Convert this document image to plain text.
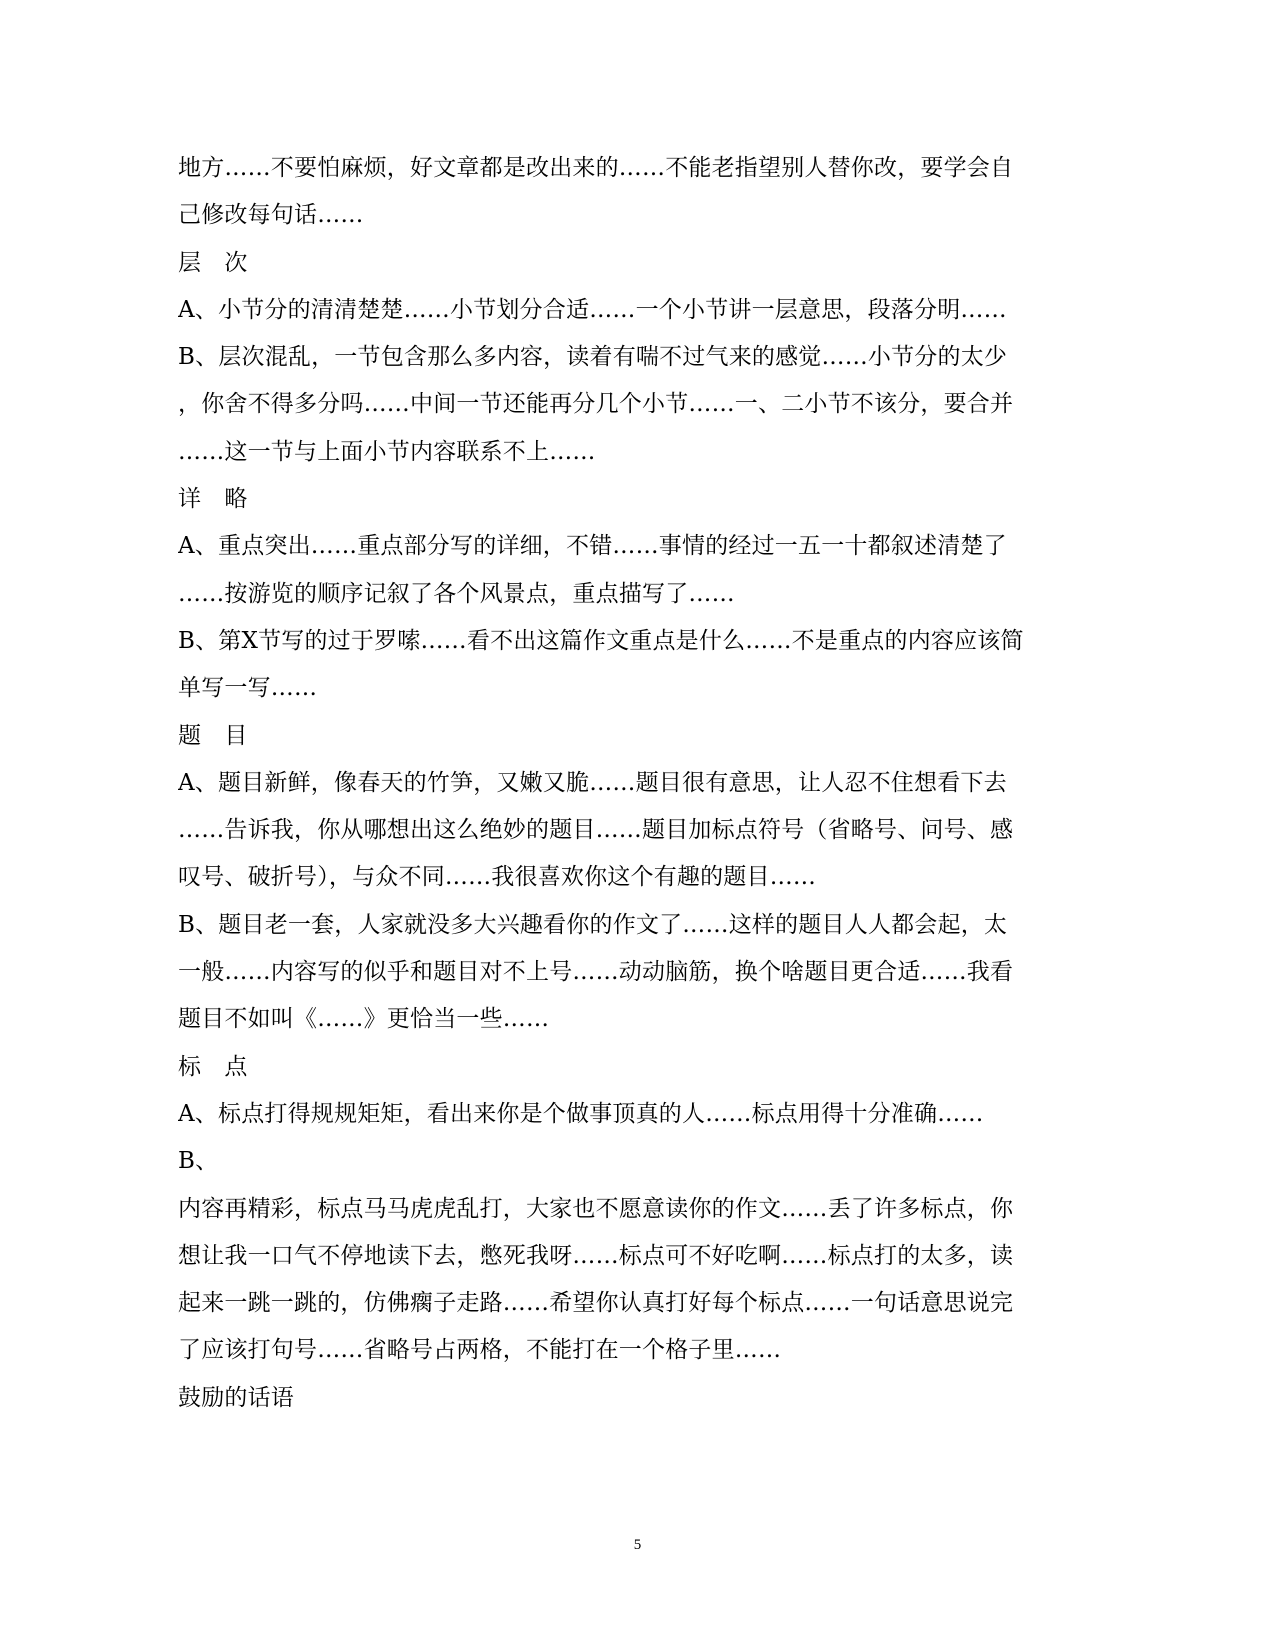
地方……不要怕麻烦，好文章都是改出来的……不能老指望别人替你改，要学会自
己修改每句话……
层　次
A、小节分的清清楚楚……小节划分合适……一个小节讲一层意思，段落分明……
B、层次混乱，一节包含那么多内容，读着有喘不过气来的感觉……小节分的太少
，你舍不得多分吗……中间一节还能再分几个小节……一、二小节不该分，要合并
……这一节与上面小节内容联系不上……
详　略
A、重点突出……重点部分写的详细，不错……事情的经过一五一十都叙述清楚了
……按游览的顺序记叙了各个风景点，重点描写了……
B、第X节写的过于罗嗦……看不出这篇作文重点是什么……不是重点的内容应该简
单写一写……
题　目
A、题目新鲜，像春天的竹笋，又嫩又脆……题目很有意思，让人忍不住想看下去
……告诉我，你从哪想出这么绝妙的题目……题目加标点符号（省略号、问号、感
叹号、破折号），与众不同……我很喜欢你这个有趣的题目……
B、题目老一套，人家就没多大兴趣看你的作文了……这样的题目人人都会起，太
一般……内容写的似乎和题目对不上号……动动脑筋，换个啥题目更合适……我看
题目不如叫《……》更恰当一些……
标　点
A、标点打得规规矩矩，看出来你是个做事顶真的人……标点用得十分准确……
B、
内容再精彩，标点马马虎虎乱打，大家也不愿意读你的作文……丢了许多标点，你
想让我一口气不停地读下去，憋死我呀……标点可不好吃啊……标点打的太多，读
起来一跳一跳的，仿佛瘸子走路……希望你认真打好每个标点……一句话意思说完
了应该打句号……省略号占两格，不能打在一个格子里……
鼓励的话语
5
